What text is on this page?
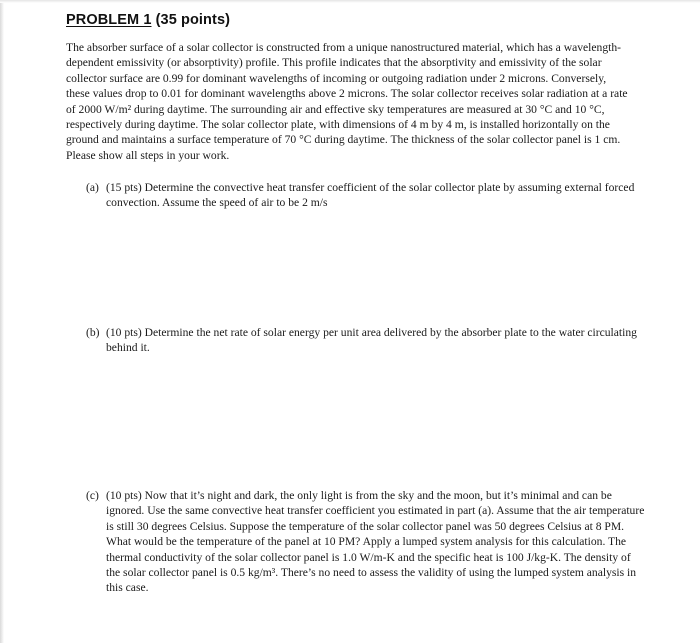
PROBLEM 1 (35 points)

The absorber surface of a solar collector is constructed from a unique nanostructured material, which has a wavelength-dependent emissivity (or absorptivity) profile. This profile indicates that the absorptivity and emissivity of the solar collector surface are 0.99 for dominant wavelengths of incoming or outgoing radiation under 2 microns. Conversely, these values drop to 0.01 for dominant wavelengths above 2 microns. The solar collector receives solar radiation at a rate of 2000 W/m² during daytime. The surrounding air and effective sky temperatures are measured at 30 °C and 10 °C, respectively during daytime. The solar collector plate, with dimensions of 4 m by 4 m, is installed horizontally on the ground and maintains a surface temperature of 70 °C during daytime. The thickness of the solar collector panel is 1 cm. Please show all steps in your work.

(a) (15 pts) Determine the convective heat transfer coefficient of the solar collector plate by assuming external forced convection. Assume the speed of air to be 2 m/s
(b) (10 pts) Determine the net rate of solar energy per unit area delivered by the absorber plate to the water circulating behind it.
(c) (10 pts) Now that it’s night and dark, the only light is from the sky and the moon, but it’s minimal and can be ignored. Use the same convective heat transfer coefficient you estimated in part (a). Assume that the air temperature is still 30 degrees Celsius. Suppose the temperature of the solar collector panel was 50 degrees Celsius at 8 PM. What would be the temperature of the panel at 10 PM? Apply a lumped system analysis for this calculation. The thermal conductivity of the solar collector panel is 1.0 W/m-K and the specific heat is 100 J/kg-K. The density of the solar collector panel is 0.5 kg/m³. There’s no need to assess the validity of using the lumped system analysis in this case.
